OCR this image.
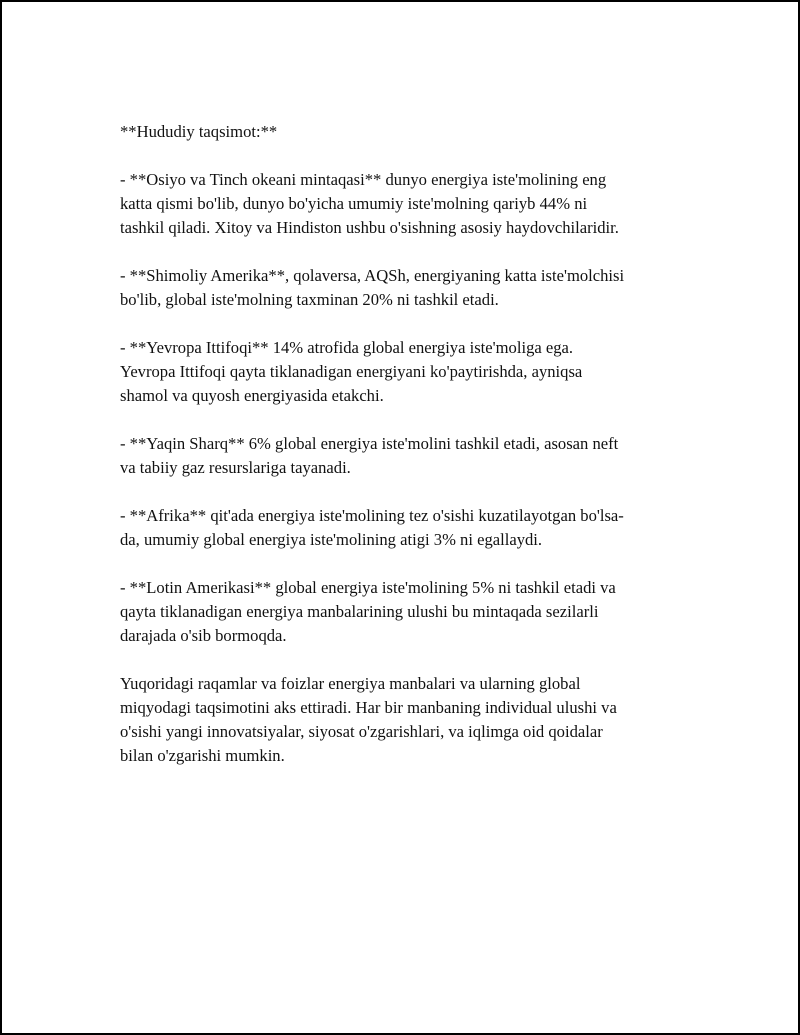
**Hududiy taqsimot:**

- **Osiyo va Tinch okeani mintaqasi** dunyo energiya iste'molining eng
katta qismi bo'lib, dunyo bo'yicha umumiy iste'molning qariyb 44% ni
tashkil qiladi. Xitoy va Hindiston ushbu o'sishning asosiy haydovchilaridir.

- **Shimoliy Amerika**, qolaversa, AQSh, energiyaning katta iste'molchisi
bo'lib, global iste'molning taxminan 20% ni tashkil etadi.

- **Yevropa Ittifoqi** 14% atrofida global energiya iste'moliga ega.
Yevropa Ittifoqi qayta tiklanadigan energiyani ko'paytirishda, ayniqsa
shamol va quyosh energiyasida etakchi.

- **Yaqin Sharq** 6% global energiya iste'molini tashkil etadi, asosan neft
va tabiiy gaz resurslariga tayanadi.

- **Afrika** qit'ada energiya iste'molining tez o'sishi kuzatilayotgan bo'lsa-
da, umumiy global energiya iste'molining atigi 3% ni egallaydi.

- **Lotin Amerikasi** global energiya iste'molining 5% ni tashkil etadi va
qayta tiklanadigan energiya manbalarining ulushi bu mintaqada sezilarli
darajada o'sib bormoqda.

Yuqoridagi raqamlar va foizlar energiya manbalari va ularning global
miqyodagi taqsimotini aks ettiradi. Har bir manbaning individual ulushi va
o'sishi yangi innovatsiyalar, siyosat o'zgarishlari, va iqlimga oid qoidalar
bilan o'zgarishi mumkin.
